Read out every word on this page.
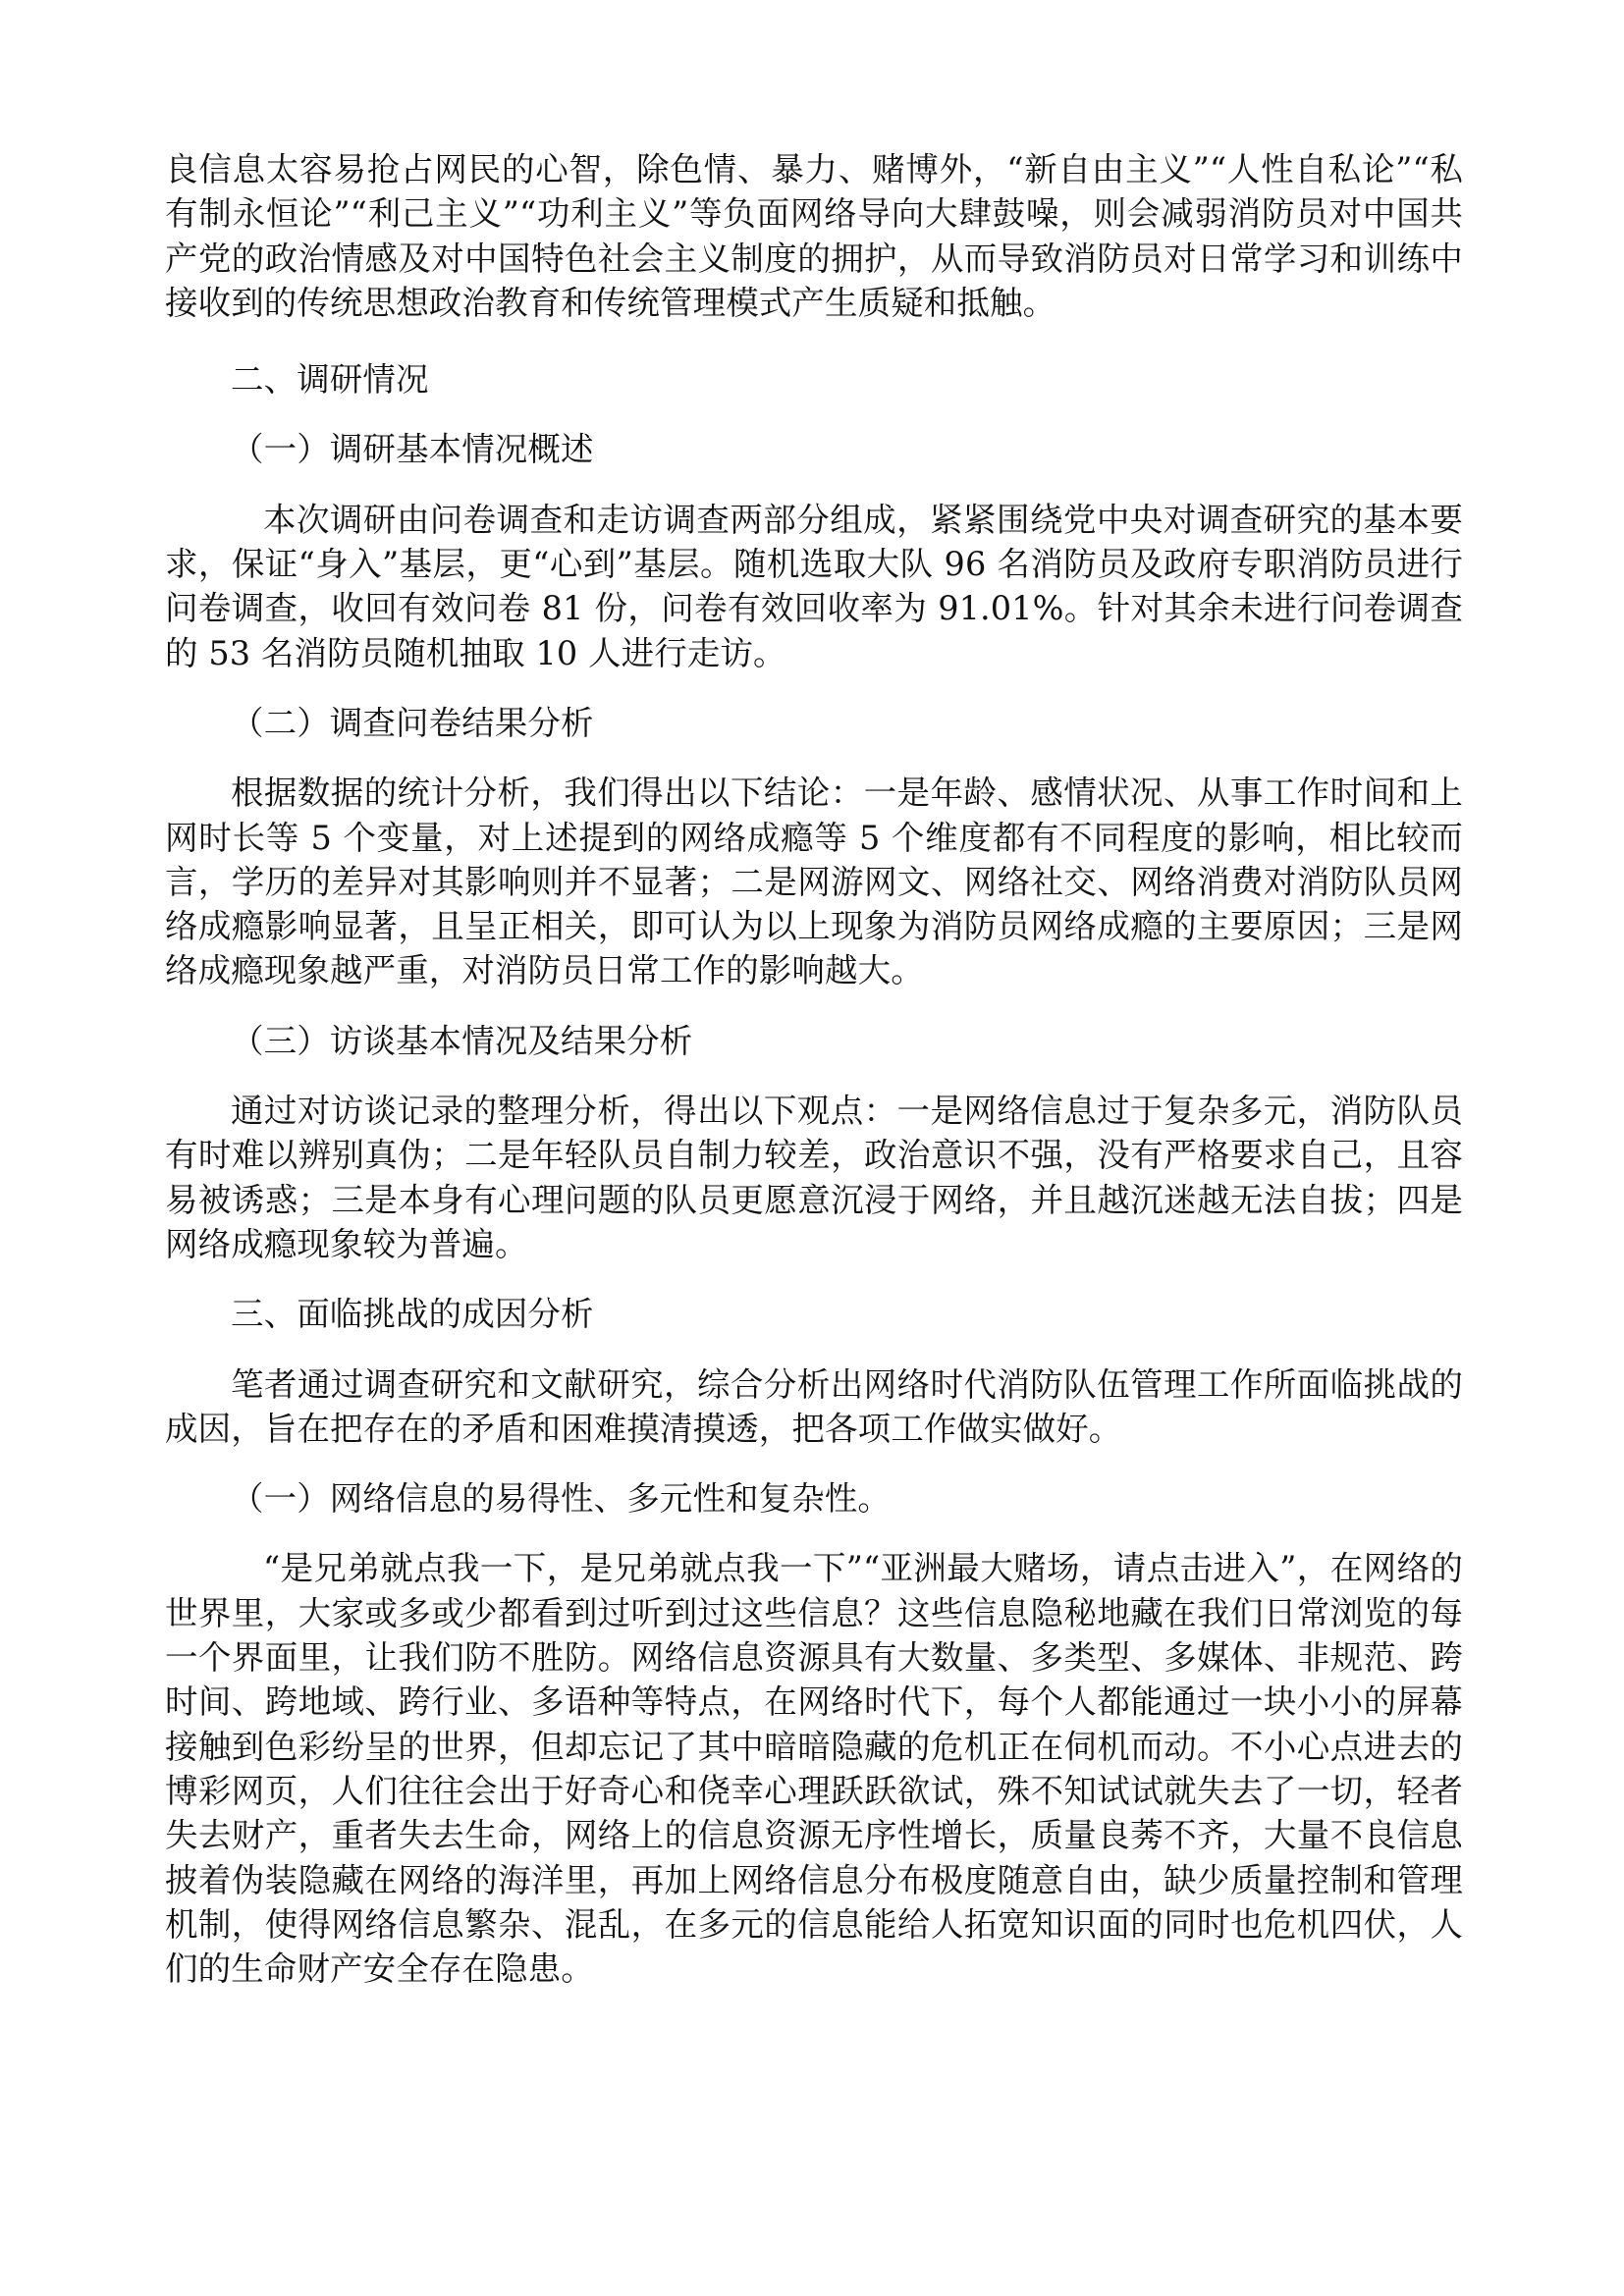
良信息太容易抢占网民的心智，除色情、暴力、赌博外，“新自由主义”“人性自私论”“私有制永恒论”“利己主义”“功利主义”等负面网络导向大肆鼓噪，则会减弱消防员对中国共产党的政治情感及对中国特色社会主义制度的拥护，从而导致消防员对日常学习和训练中接收到的传统思想政治教育和传统管理模式产生质疑和抵触。

二、调研情况

（一）调研基本情况概述

本次调研由问卷调查和走访调查两部分组成，紧紧围绕党中央对调查研究的基本要求，保证“身入”基层，更“心到”基层。随机选取大队 96 名消防员及政府专职消防员进行问卷调查，收回有效问卷 81 份，问卷有效回收率为 91.01%。针对其余未进行问卷调查的 53 名消防员随机抽取 10 人进行走访。

（二）调查问卷结果分析

根据数据的统计分析，我们得出以下结论：一是年龄、感情状况、从事工作时间和上网时长等 5 个变量，对上述提到的网络成瘾等 5 个维度都有不同程度的影响，相比较而言，学历的差异对其影响则并不显著；二是网游网文、网络社交、网络消费对消防队员网络成瘾影响显著，且呈正相关，即可认为以上现象为消防员网络成瘾的主要原因；三是网络成瘾现象越严重，对消防员日常工作的影响越大。

（三）访谈基本情况及结果分析

通过对访谈记录的整理分析，得出以下观点：一是网络信息过于复杂多元，消防队员有时难以辨别真伪；二是年轻队员自制力较差，政治意识不强，没有严格要求自己，且容易被诱惑；三是本身有心理问题的队员更愿意沉浸于网络，并且越沉迷越无法自拔；四是网络成瘾现象较为普遍。

三、面临挑战的成因分析

笔者通过调查研究和文献研究，综合分析出网络时代消防队伍管理工作所面临挑战的成因，旨在把存在的矛盾和困难摸清摸透，把各项工作做实做好。

（一）网络信息的易得性、多元性和复杂性。

“是兄弟就点我一下，是兄弟就点我一下”“亚洲最大赌场，请点击进入”，在网络的世界里，大家或多或少都看到过听到过这些信息？这些信息隐秘地藏在我们日常浏览的每一个界面里，让我们防不胜防。网络信息资源具有大数量、多类型、多媒体、非规范、跨时间、跨地域、跨行业、多语种等特点，在网络时代下，每个人都能通过一块小小的屏幕接触到色彩纷呈的世界，但却忘记了其中暗暗隐藏的危机正在伺机而动。不小心点进去的博彩网页，人们往往会出于好奇心和侥幸心理跃跃欲试，殊不知试试就失去了一切，轻者失去财产，重者失去生命，网络上的信息资源无序性增长，质量良莠不齐，大量不良信息披着伪装隐藏在网络的海洋里，再加上网络信息分布极度随意自由，缺少质量控制和管理机制，使得网络信息繁杂、混乱，在多元的信息能给人拓宽知识面的同时也危机四伏，人们的生命财产安全存在隐患。
